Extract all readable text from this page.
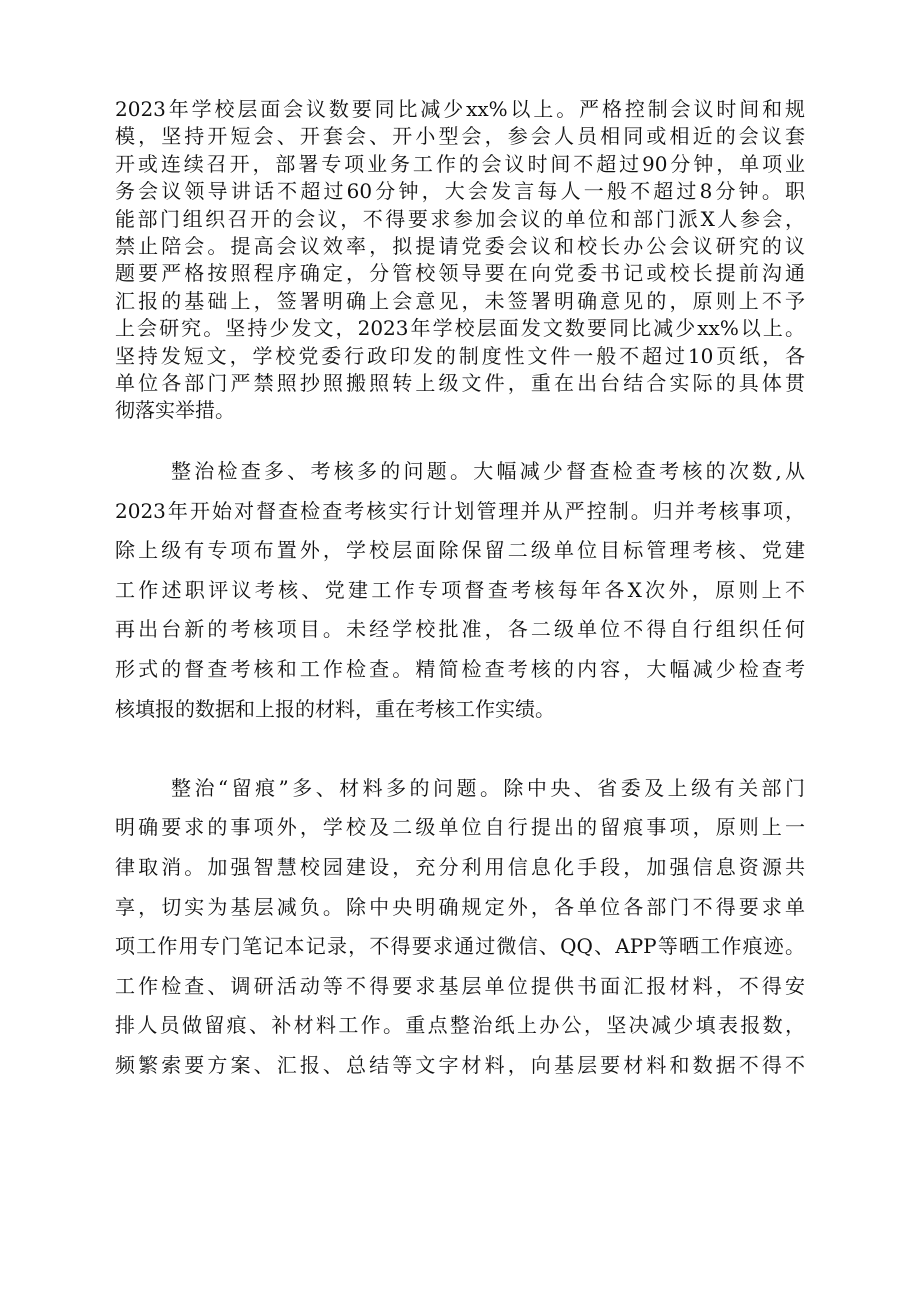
2023年学校层面会议数要同比减少xx%以上。严格控制会议时间和规
模，坚持开短会、开套会、开小型会，参会人员相同或相近的会议套
开或连续召开，部署专项业务工作的会议时间不超过90分钟，单项业
务会议领导讲话不超过60分钟，大会发言每人一般不超过8分钟。职
能部门组织召开的会议，不得要求参加会议的单位和部门派X人参会，
禁止陪会。提高会议效率，拟提请党委会议和校长办公会议研究的议
题要严格按照程序确定，分管校领导要在向党委书记或校长提前沟通
汇报的基础上，签署明确上会意见，未签署明确意见的，原则上不予
上会研究。坚持少发文，2023年学校层面发文数要同比减少xx%以上。
坚持发短文，学校党委行政印发的制度性文件一般不超过10页纸，各
单位各部门严禁照抄照搬照转上级文件，重在出台结合实际的具体贯
彻落实举措。
整治检查多、考核多的问题。大幅减少督查检查考核的次数,从
2023年开始对督查检查考核实行计划管理并从严控制。归并考核事项，
除上级有专项布置外，学校层面除保留二级单位目标管理考核、党建
工作述职评议考核、党建工作专项督查考核每年各X次外，原则上不
再出台新的考核项目。未经学校批准，各二级单位不得自行组织任何
形式的督查考核和工作检查。精简检查考核的内容，大幅减少检查考
核填报的数据和上报的材料，重在考核工作实绩。
整治“留痕”多、材料多的问题。除中央、省委及上级有关部门
明确要求的事项外，学校及二级单位自行提出的留痕事项，原则上一
律取消。加强智慧校园建设，充分利用信息化手段，加强信息资源共
享，切实为基层减负。除中央明确规定外，各单位各部门不得要求单
项工作用专门笔记本记录，不得要求通过微信、QQ、APP等晒工作痕迹。
工作检查、调研活动等不得要求基层单位提供书面汇报材料，不得安
排人员做留痕、补材料工作。重点整治纸上办公，坚决减少填表报数，
频繁索要方案、汇报、总结等文字材料，向基层要材料和数据不得不
